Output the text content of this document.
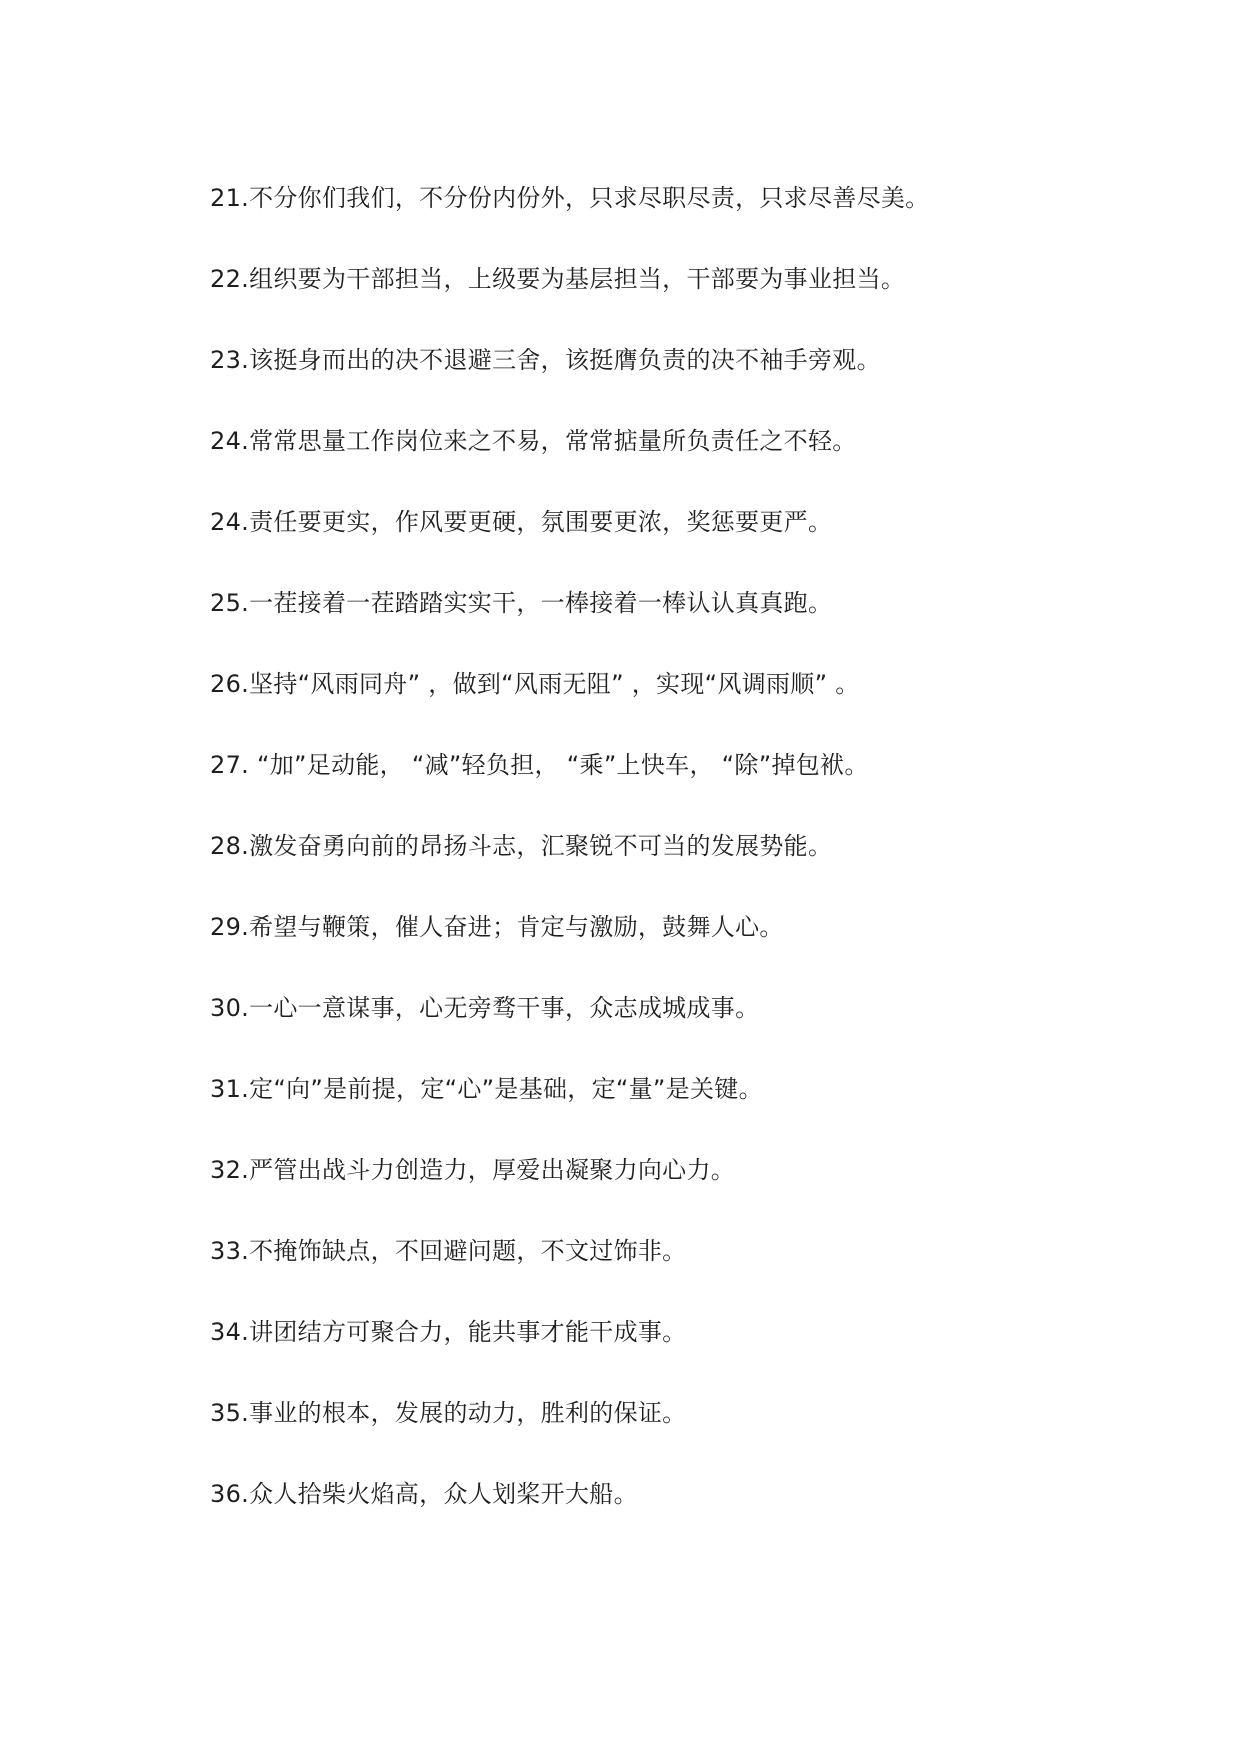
21.不分你们我们，不分份内份外，只求尽职尽责，只求尽善尽美。
22.组织要为干部担当，上级要为基层担当，干部要为事业担当。
23.该挺身而出的决不退避三舍，该挺膺负责的决不袖手旁观。
24.常常思量工作岗位来之不易，常常掂量所负责任之不轻。
24.责任要更实，作风要更硬，氛围要更浓，奖惩要更严。
25.一茬接着一茬踏踏实实干，一棒接着一棒认认真真跑。
26.坚持“风雨同舟” ，做到“风雨无阻” ，实现“风调雨顺” 。
27. “加”足动能， “减”轻负担， “乘”上快车， “除”掉包袱。
28.激发奋勇向前的昂扬斗志，汇聚锐不可当的发展势能。
29.希望与鞭策，催人奋进；肯定与激励，鼓舞人心。
30.一心一意谋事，心无旁骛干事，众志成城成事。
31.定“向”是前提，定“心”是基础，定“量”是关键。
32.严管出战斗力创造力，厚爱出凝聚力向心力。
33.不掩饰缺点，不回避问题，不文过饰非。
34.讲团结方可聚合力，能共事才能干成事。
35.事业的根本，发展的动力，胜利的保证。
36.众人拾柴火焰高，众人划桨开大船。
